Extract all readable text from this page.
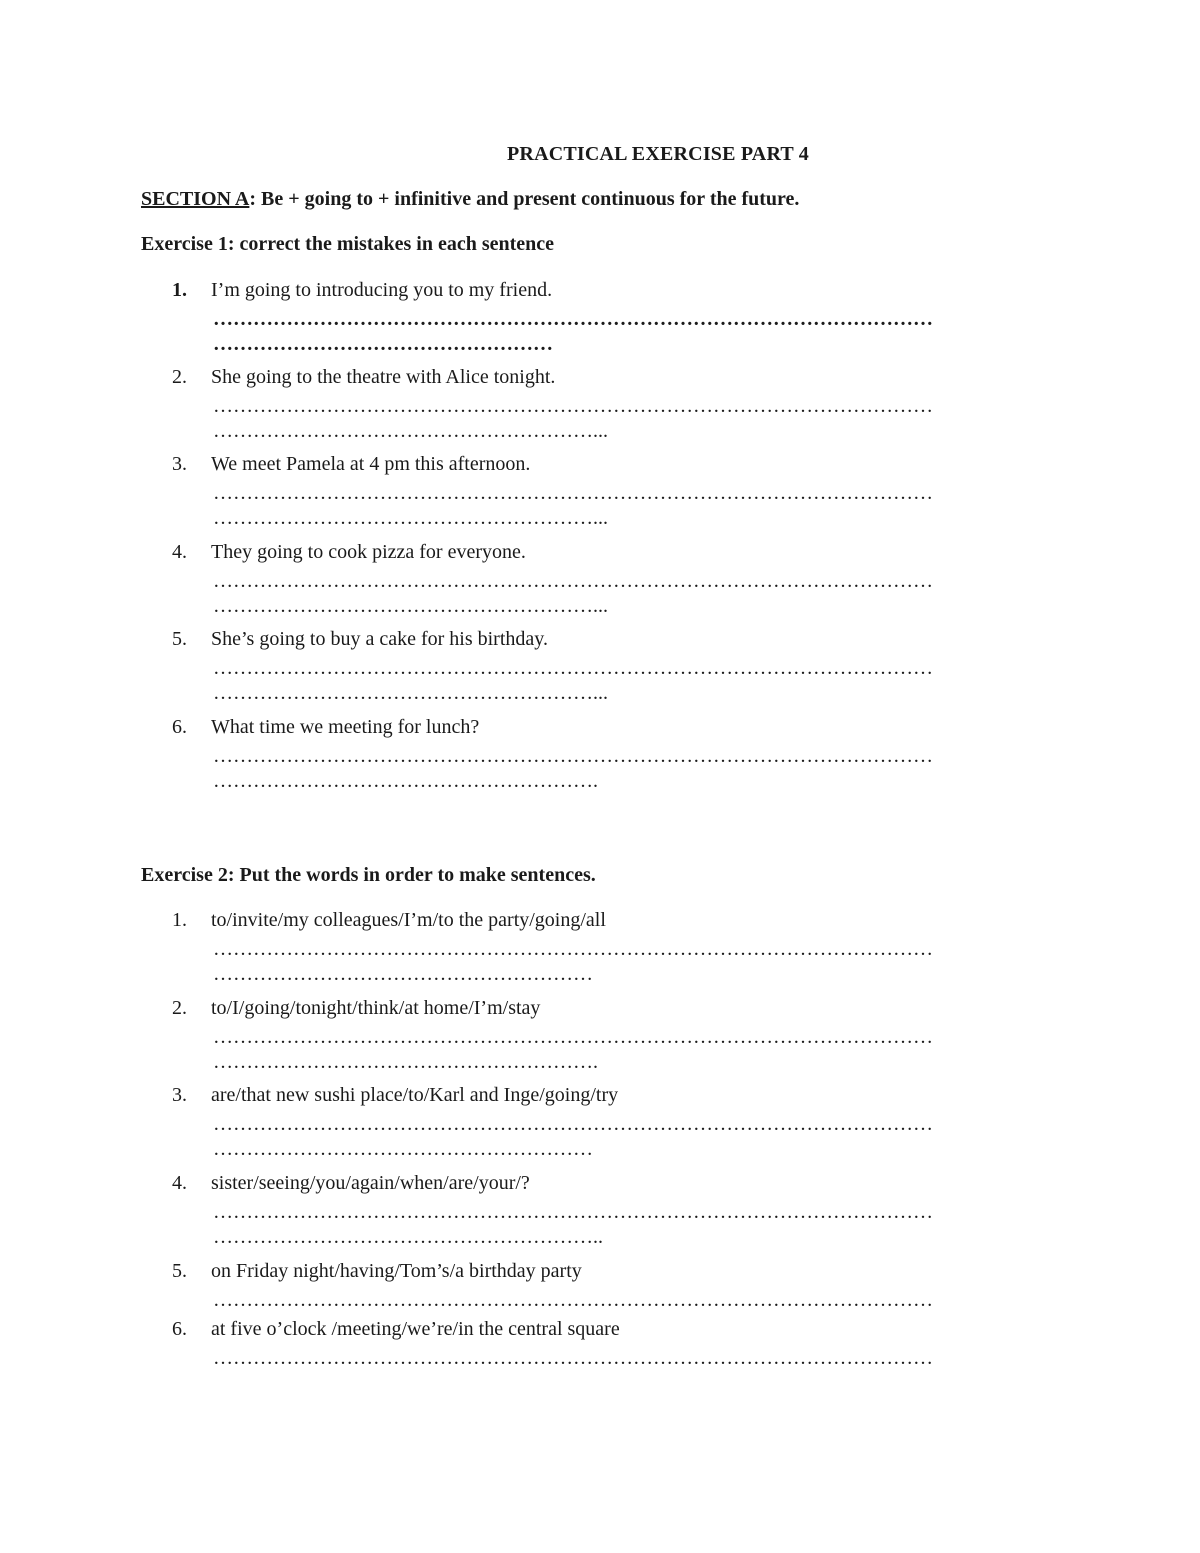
PRACTICAL EXERCISE PART 4
SECTION A: Be + going to + infinitive and present continuous for the future.
Exercise 1: correct the mistakes in each sentence
1.	I’m going to introducing you to my friend.
………………………………………………………………………………………………
……………………………………………
2.	She going to the theatre with Alice tonight.
………………………………………………………………………………………………
…………………………………………………...
3.	We meet Pamela at 4 pm this afternoon.
………………………………………………………………………………………………
…………………………………………………...
4.	They going to cook pizza for everyone.
………………………………………………………………………………………………
…………………………………………………...
5.	She’s going to buy a cake for his birthday.
………………………………………………………………………………………………
…………………………………………………...
6.	What time we meeting for lunch?
………………………………………………………………………………………………
………………………………………………….
Exercise 2: Put the words in order to make sentences.
1.	to/invite/my colleagues/I’m/to the party/going/all
………………………………………………………………………………………………
…………………………………………………
2.	to/I/going/tonight/think/at home/I’m/stay
………………………………………………………………………………………………
………………………………………………….
3.	are/that new sushi place/to/Karl and Inge/going/try
………………………………………………………………………………………………
…………………………………………………
4.	sister/seeing/you/again/when/are/your/?
………………………………………………………………………………………………
…………………………………………………..
5.	on Friday night/having/Tom’s/a birthday party
………………………………………………………………………………………………
6.	at five o’clock /meeting/we’re/in the central square
………………………………………………………………………………………………
